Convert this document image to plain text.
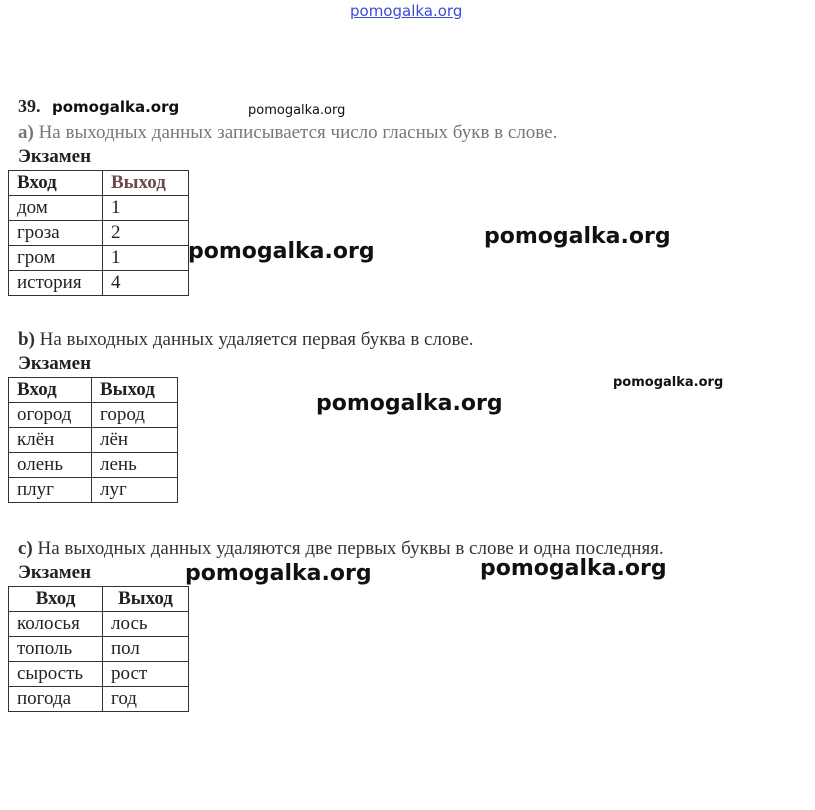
pomogalka.org
pomogalka.org	pomogalka.org
pomogalka.org
pomogalka.org
pomogalka.org
pomogalka.org
pomogalka.org
pomogalka.org
39.
a) На выходных данных записывается число гласных букв в слове.
Экзамен
Вход	Выход
дом	1
гроза	2
гром	1
история	4
b) На выходных данных удаляется первая буква в слове.
Экзамен
Вход	Выход
огород	город
клён	лён
олень	лень
плуг	луг
c) На выходных данных удаляются две первых буквы в слове и одна последняя.
Экзамен
Вход	Выход
колосья	лось
тополь	пол
сырость	рост
погода	год
